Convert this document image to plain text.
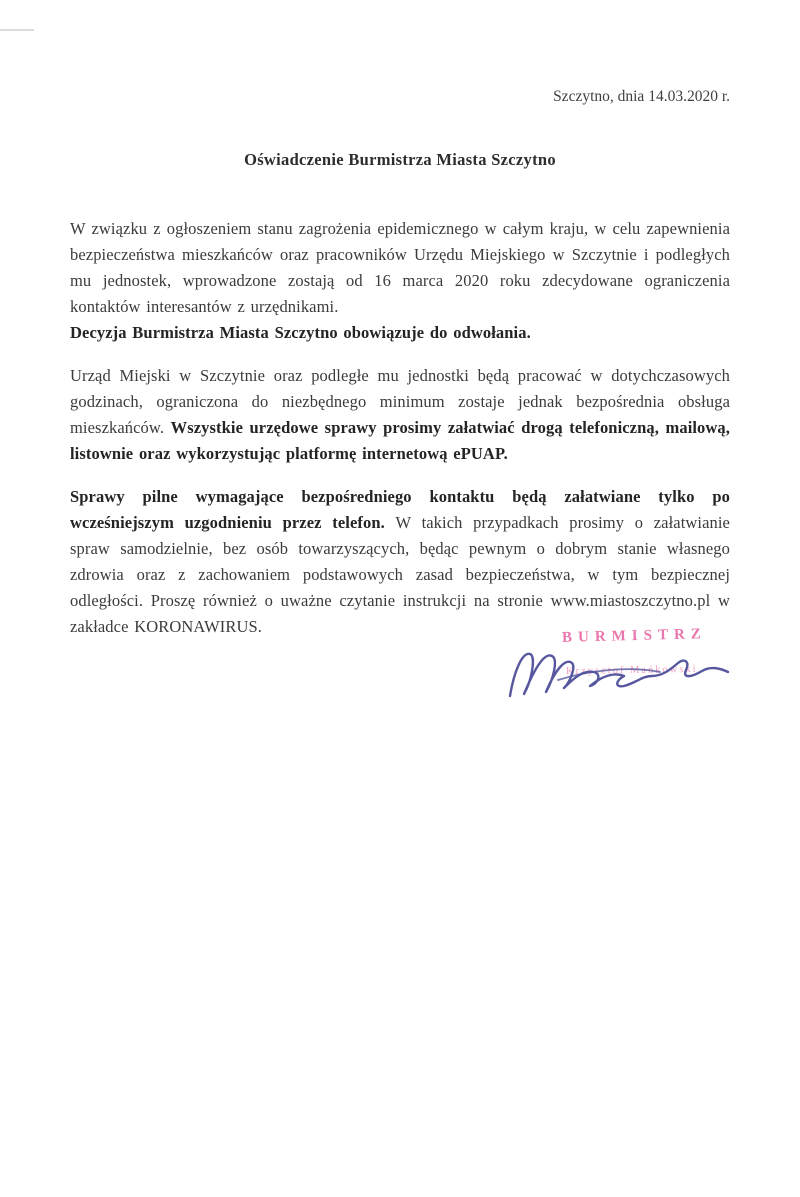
Szczytno, dnia 14.03.2020 r.
Oświadczenie Burmistrza Miasta Szczytno

W związku z ogłoszeniem stanu zagrożenia epidemicznego w całym kraju, w celu zapewnienia bezpieczeństwa mieszkańców oraz pracowników Urzędu Miejskiego w Szczytnie i podległych mu jednostek, wprowadzone zostają od 16 marca 2020 roku zdecydowane ograniczenia kontaktów interesantów z urzędnikami.
Decyzja Burmistrza Miasta Szczytno obowiązuje do odwołania.

Urząd Miejski w Szczytnie oraz podległe mu jednostki będą pracować w dotychczasowych godzinach, ograniczona do niezbędnego minimum zostaje jednak bezpośrednia obsługa mieszkańców. Wszystkie urzędowe sprawy prosimy załatwiać drogą telefoniczną, mailową, listownie oraz wykorzystując platformę internetową ePUAP.

Sprawy pilne wymagające bezpośredniego kontaktu będą załatwiane tylko po wcześniejszym uzgodnieniu przez telefon. W takich przypadkach prosimy o załatwianie spraw samodzielnie, bez osób towarzyszących, będąc pewnym o dobrym stanie własnego zdrowia oraz z zachowaniem podstawowych zasad bezpieczeństwa, w tym bezpiecznej odległości. Proszę również o uważne czytanie instrukcji na stronie www.miastoszczytno.pl w zakładce KORONAWIRUS.	BURMISTRZ
Krzysztof Mańkowski
